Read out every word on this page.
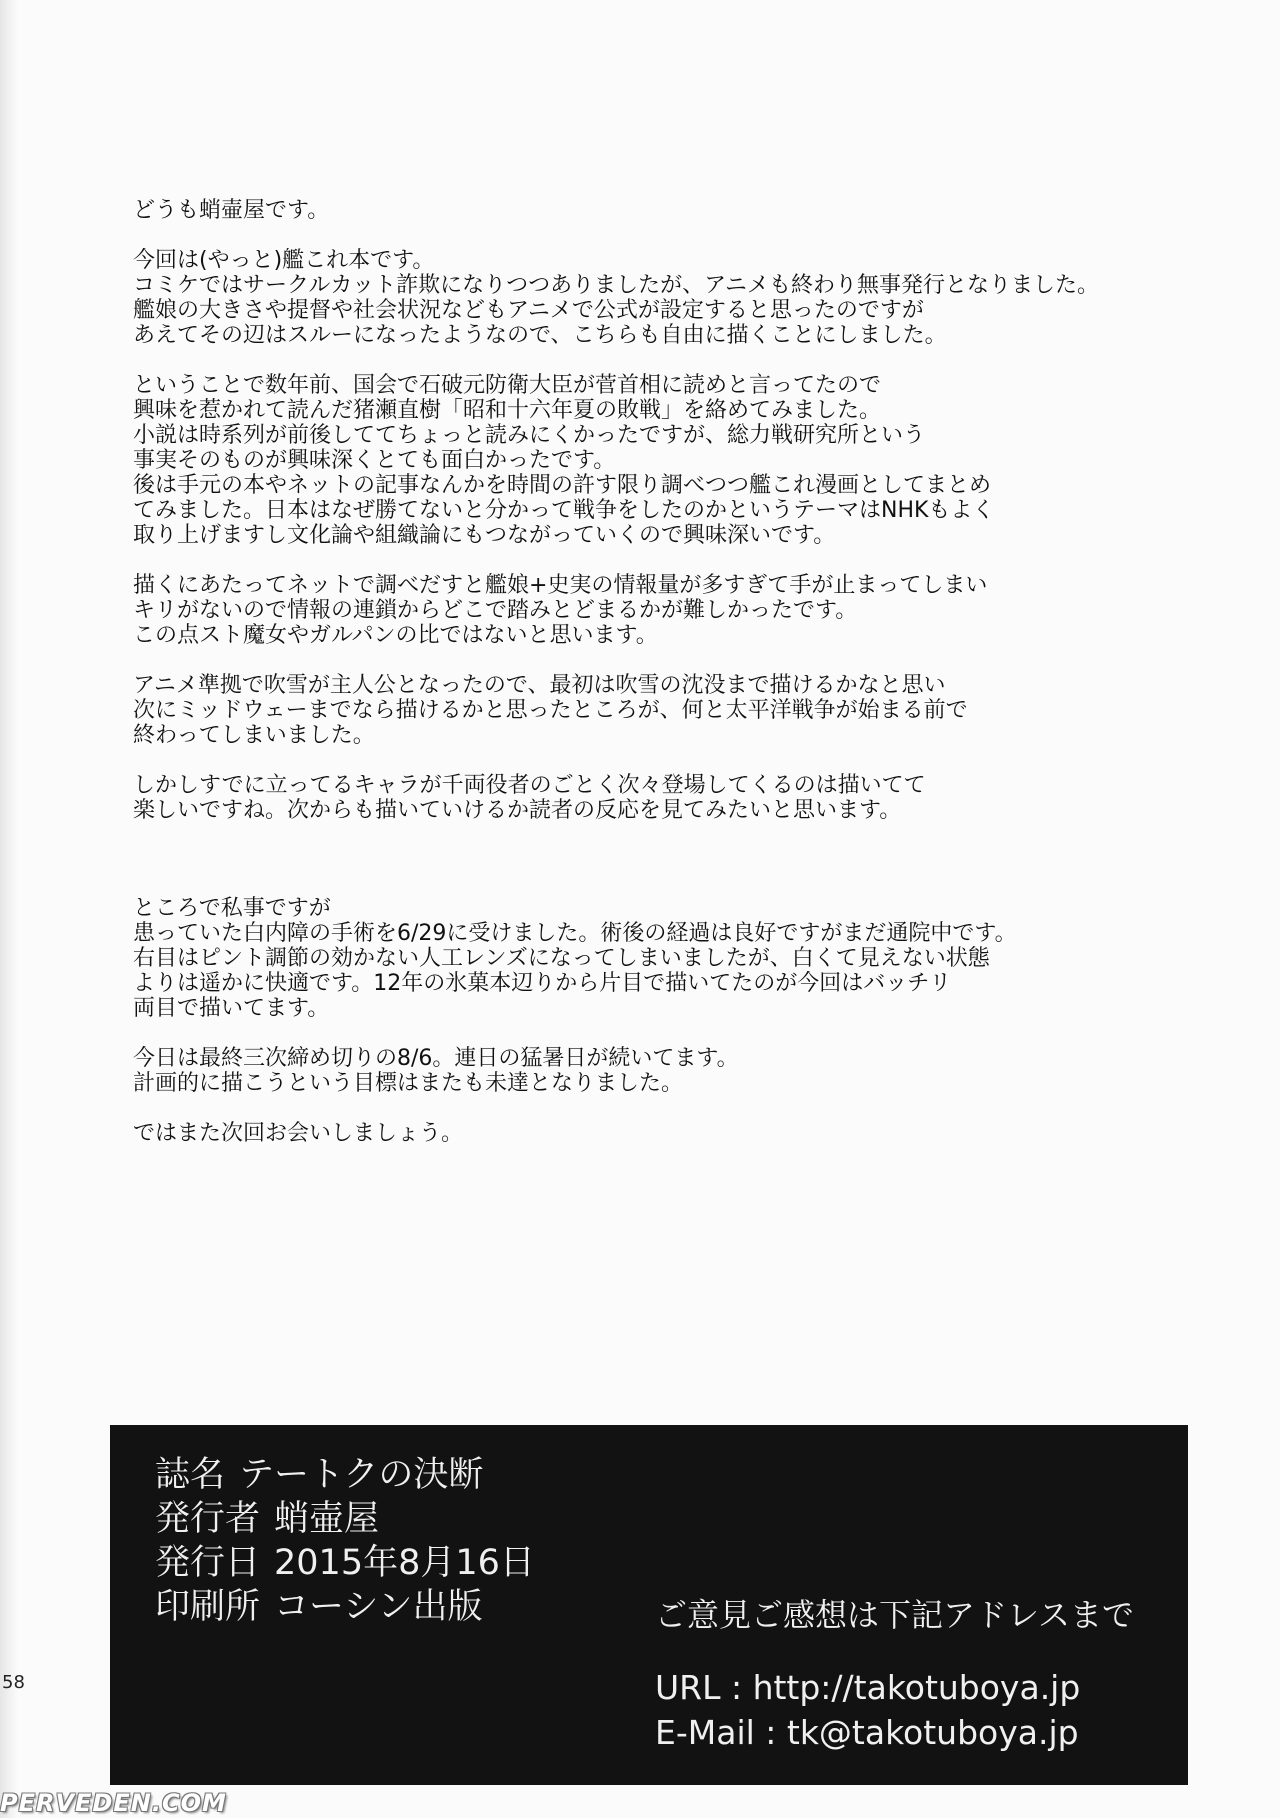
どうも蛸壷屋です。
今回は(やっと)艦これ本です。
コミケではサークルカット詐欺になりつつありましたが、アニメも終わり無事発行となりました。
艦娘の大きさや提督や社会状況などもアニメで公式が設定すると思ったのですが
あえてその辺はスルーになったようなので、こちらも自由に描くことにしました。
ということで数年前、国会で石破元防衛大臣が菅首相に読めと言ってたので
興味を惹かれて読んだ猪瀬直樹「昭和十六年夏の敗戦」を絡めてみました。
小説は時系列が前後しててちょっと読みにくかったですが、総力戦研究所という
事実そのものが興味深くとても面白かったです。
後は手元の本やネットの記事なんかを時間の許す限り調べつつ艦これ漫画としてまとめ
てみました。日本はなぜ勝てないと分かって戦争をしたのかというテーマはNHKもよく
取り上げますし文化論や組織論にもつながっていくので興味深いです。
描くにあたってネットで調べだすと艦娘+史実の情報量が多すぎて手が止まってしまい
キリがないので情報の連鎖からどこで踏みとどまるかが難しかったです。
この点スト魔女やガルパンの比ではないと思います。
アニメ準拠で吹雪が主人公となったので、最初は吹雪の沈没まで描けるかなと思い
次にミッドウェーまでなら描けるかと思ったところが、何と太平洋戦争が始まる前で
終わってしまいました。
しかしすでに立ってるキャラが千両役者のごとく次々登場してくるのは描いてて
楽しいですね。次からも描いていけるか読者の反応を見てみたいと思います。
ところで私事ですが
患っていた白内障の手術を6/29に受けました。術後の経過は良好ですがまだ通院中です。
右目はピント調節の効かない人工レンズになってしまいましたが、白くて見えない状態
よりは遥かに快適です。12年の氷菓本辺りから片目で描いてたのが今回はバッチリ
両目で描いてます。
今日は最終三次締め切りの8/6。連日の猛暑日が続いてます。
計画的に描こうという目標はまたも未達となりました。
ではまた次回お会いしましょう。
誌名 テートクの決断
発行者 蛸壷屋
発行日 2015年8月16日
印刷所 コーシン出版	ご意見ご感想は下記アドレスまで
URL : http://takotuboya.jp
E-Mail : tk@takotuboya.jp
58
PERVEDEN.COM
